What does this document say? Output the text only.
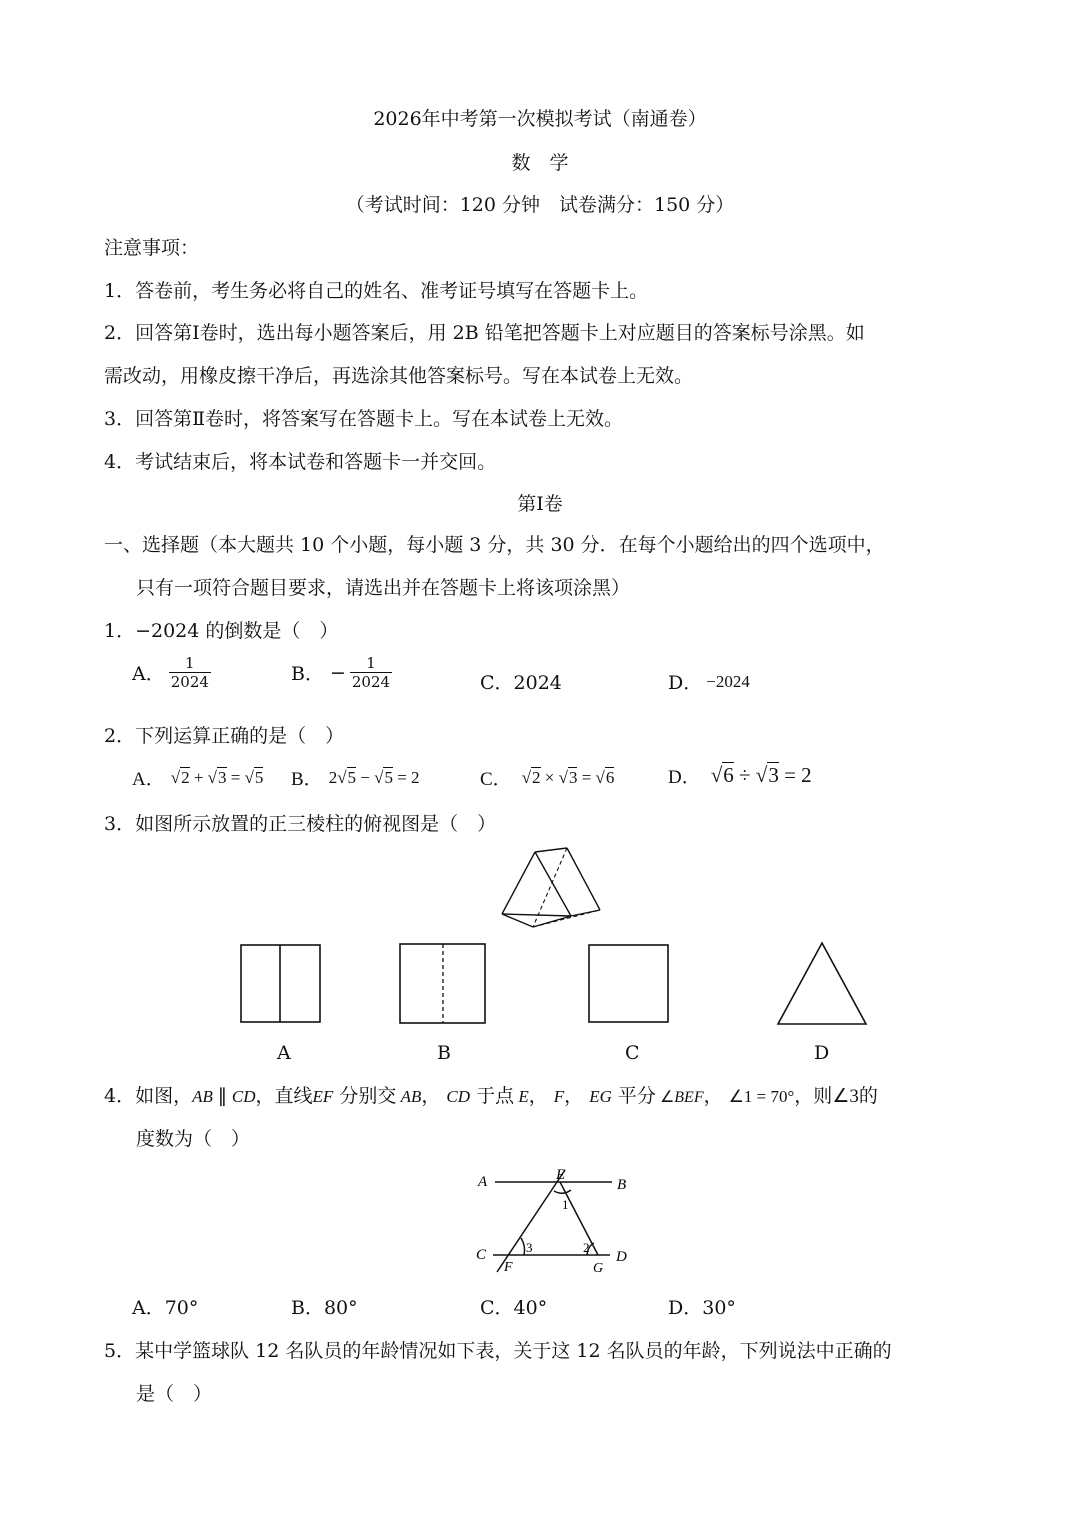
2026年中考第一次模拟考试（南通卷）
数　学
（考试时间：120 分钟　试卷满分：150 分）
注意事项：
1．答卷前，考生务必将自己的姓名、准考证号填写在答题卡上。
2．回答第Ⅰ卷时，选出每小题答案后，用 2B 铅笔把答题卡上对应题目的答案标号涂黑。如
需改动，用橡皮擦干净后，再选涂其他答案标号。写在本试卷上无效。
3．回答第Ⅱ卷时，将答案写在答题卡上。写在本试卷上无效。
4．考试结束后，将本试卷和答题卡一并交回。
第Ⅰ卷
一、选择题（本大题共 10 个小题，每小题 3 分，共 30 分．在每个小题给出的四个选项中，
只有一项符合题目要求，请选出并在答题卡上将该项涂黑）
1．−2024 的倒数是（　）
A． $\frac{1}{2024}$	B． − $\frac{1}{2024}$	C．2024	D． −2024
2．下列运算正确的是（　）
A． √2 + √3 = √5 B． 2√5 − √5 = 2	C． √2 × √3 = √6	D． √6 ÷ √3 = 2
3．如图所示放置的正三棱柱的俯视图是（　）
A	B	C	D
4．如图，AB ∥ CD，直线EF 分别交 AB， CD 于点 E， F， EG 平分 ∠BEF， ∠1 = 70°，则∠3的
度数为（　）
A	E
B
1
C	3	2
D
F	G
A．70°	B．80°	C．40°	D．30°
5．某中学篮球队 12 名队员的年龄情况如下表，关于这 12 名队员的年龄，下列说法中正确的
是（　）
